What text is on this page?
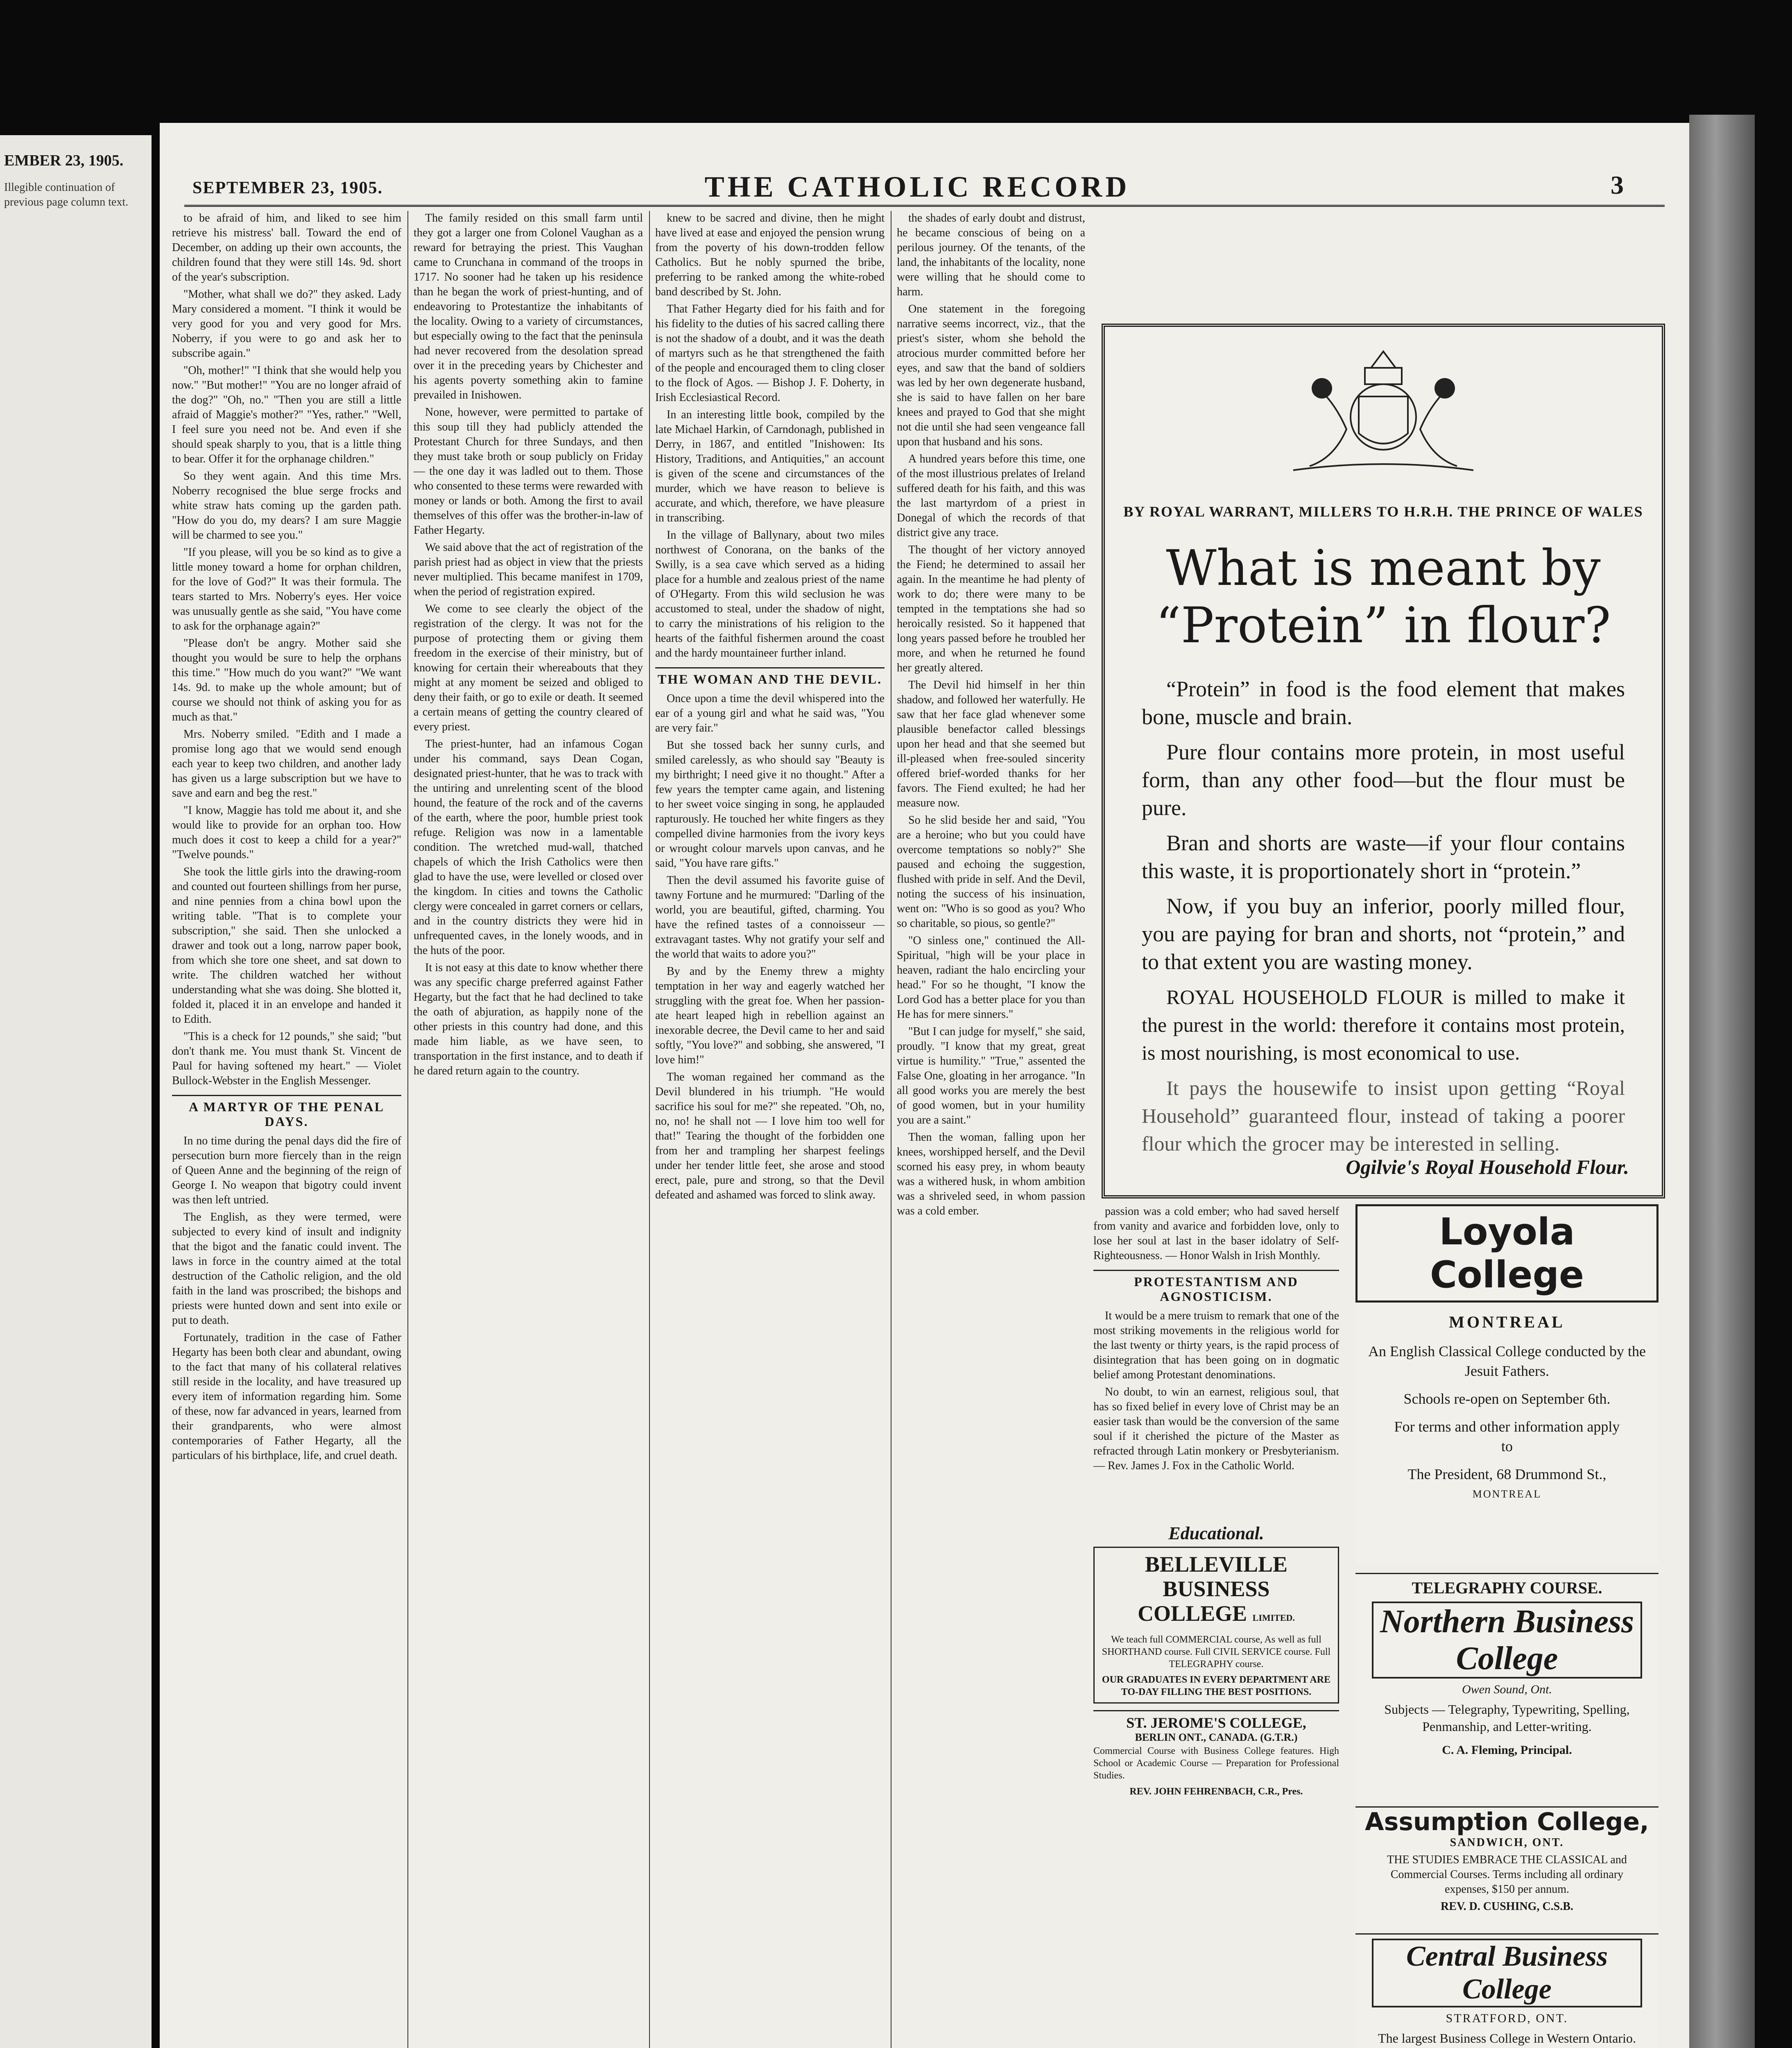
EMBER 23, 1905.
Illegible continuation of previous page column text.
SEPTEMBER 23, 1905.	THE CATHOLIC RECORD	3

to be afraid of him, and liked to see him retrieve his mistress' ball. Toward the end of December, on adding up their own accounts, the children found that they were still 14s. 9d. short of the year's subscription.

"Mother, what shall we do?" they asked. Lady Mary considered a moment. "I think it would be very good for you and very good for Mrs. Noberry, if you were to go and ask her to subscribe again."

"Oh, mother!" "I think that she would help you now." "But mother!" "You are no longer afraid of the dog?" "Oh, no." "Then you are still a little afraid of Maggie's mother?" "Yes, rather." "Well, I feel sure you need not be. And even if she should speak sharply to you, that is a little thing to bear. Offer it for the orphanage children."

So they went again. And this time Mrs. Noberry recognised the blue serge frocks and white straw hats coming up the garden path. "How do you do, my dears? I am sure Maggie will be charmed to see you."

"If you please, will you be so kind as to give a little money toward a home for orphan children, for the love of God?" It was their formula. The tears started to Mrs. Noberry's eyes. Her voice was unusually gentle as she said, "You have come to ask for the orphanage again?"

"Please don't be angry. Mother said she thought you would be sure to help the orphans this time." "How much do you want?" "We want 14s. 9d. to make up the whole amount; but of course we should not think of asking you for as much as that."

Mrs. Noberry smiled. "Edith and I made a promise long ago that we would send enough each year to keep two children, and another lady has given us a large subscription but we have to save and earn and beg the rest."

"I know, Maggie has told me about it, and she would like to provide for an orphan too. How much does it cost to keep a child for a year?" "Twelve pounds."

She took the little girls into the drawing-room and counted out fourteen shillings from her purse, and nine pennies from a china bowl upon the writing table. "That is to complete your subscription," she said. Then she unlocked a drawer and took out a long, narrow paper book, from which she tore one sheet, and sat down to write. The children watched her without understanding what she was doing. She blotted it, folded it, placed it in an envelope and handed it to Edith.

"This is a check for 12 pounds," she said; "but don't thank me. You must thank St. Vincent de Paul for having softened my heart." — Violet Bullock-Webster in the English Messenger.

A MARTYR OF THE PENAL DAYS.

In no time during the penal days did the fire of persecution burn more fiercely than in the reign of Queen Anne and the beginning of the reign of George I. No weapon that bigotry could invent was then left untried.

The English, as they were termed, were subjected to every kind of insult and indignity that the bigot and the fanatic could invent. The laws in force in the country aimed at the total destruction of the Catholic religion, and the old faith in the land was proscribed; the bishops and priests were hunted down and sent into exile or put to death.

Fortunately, tradition in the case of Father Hegarty has been both clear and abundant, owing to the fact that many of his collateral relatives still reside in the locality, and have treasured up every item of information regarding him. Some of these, now far advanced in years, learned from their grandparents, who were almost contemporaries of Father Hegarty, all the particulars of his birthplace, life, and cruel death.

The family resided on this small farm until they got a larger one from Colonel Vaughan as a reward for betraying the priest. This Vaughan came to Crunchana in command of the troops in 1717. No sooner had he taken up his residence than he began the work of priest-hunting, and of endeavoring to Protestantize the inhabitants of the locality. Owing to a variety of circumstances, but especially owing to the fact that the peninsula had never recovered from the desolation spread over it in the preceding years by Chichester and his agents poverty something akin to famine prevailed in Inishowen.

None, however, were permitted to partake of this soup till they had publicly attended the Protestant Church for three Sundays, and then they must take broth or soup publicly on Friday — the one day it was ladled out to them. Those who consented to these terms were rewarded with money or lands or both. Among the first to avail themselves of this offer was the brother-in-law of Father Hegarty.

We said above that the act of registration of the parish priest had as object in view that the priests never multiplied. This became manifest in 1709, when the period of registration expired.

We come to see clearly the object of the registration of the clergy. It was not for the purpose of protecting them or giving them freedom in the exercise of their ministry, but of knowing for certain their whereabouts that they might at any moment be seized and obliged to deny their faith, or go to exile or death. It seemed a certain means of getting the country cleared of every priest.

The priest-hunter, had an infamous Cogan under his command, says Dean Cogan, designated priest-hunter, that he was to track with the untiring and unrelenting scent of the blood hound, the feature of the rock and of the caverns of the earth, where the poor, humble priest took refuge. Religion was now in a lamentable condition. The wretched mud-wall, thatched chapels of which the Irish Catholics were then glad to have the use, were levelled or closed over the kingdom. In cities and towns the Catholic clergy were concealed in garret corners or cellars, and in the country districts they were hid in unfrequented caves, in the lonely woods, and in the huts of the poor.

It is not easy at this date to know whether there was any specific charge preferred against Father Hegarty, but the fact that he had declined to take the oath of abjuration, as happily none of the other priests in this country had done, and this made him liable, as we have seen, to transportation in the first instance, and to death if he dared return again to the country.

knew to be sacred and divine, then he might have lived at ease and enjoyed the pension wrung from the poverty of his down-trodden fellow Catholics. But he nobly spurned the bribe, preferring to be ranked among the white-robed band described by St. John.

That Father Hegarty died for his faith and for his fidelity to the duties of his sacred calling there is not the shadow of a doubt, and it was the death of martyrs such as he that strengthened the faith of the people and encouraged them to cling closer to the flock of Agos. — Bishop J. F. Doherty, in Irish Ecclesiastical Record.

In an interesting little book, compiled by the late Michael Harkin, of Carndonagh, published in Derry, in 1867, and entitled "Inishowen: Its History, Traditions, and Antiquities," an account is given of the scene and circumstances of the murder, which we have reason to believe is accurate, and which, therefore, we have pleasure in transcribing.

In the village of Ballynary, about two miles northwest of Conorana, on the banks of the Swilly, is a sea cave which served as a hiding place for a humble and zealous priest of the name of O'Hegarty. From this wild seclusion he was accustomed to steal, under the shadow of night, to carry the ministrations of his religion to the hearts of the faithful fishermen around the coast and the hardy mountaineer further inland.

THE WOMAN AND THE DEVIL.

Once upon a time the devil whispered into the ear of a young girl and what he said was, "You are very fair."

But she tossed back her sunny curls, and smiled carelessly, as who should say "Beauty is my birthright; I need give it no thought." After a few years the tempter came again, and listening to her sweet voice singing in song, he applauded rapturously. He touched her white fingers as they compelled divine harmonies from the ivory keys or wrought colour marvels upon canvas, and he said, "You have rare gifts."

Then the devil assumed his favorite guise of tawny Fortune and he murmured: "Darling of the world, you are beautiful, gifted, charming. You have the refined tastes of a connoisseur — extravagant tastes. Why not gratify your self and the world that waits to adore you?"

By and by the Enemy threw a mighty temptation in her way and eagerly watched her struggling with the great foe. When her passion-ate heart leaped high in rebellion against an inexorable decree, the Devil came to her and said softly, "You love?" and sobbing, she answered, "I love him!"

The woman regained her command as the Devil blundered in his triumph. "He would sacrifice his soul for me?" she repeated. "Oh, no, no, no! he shall not — I love him too well for that!" Tearing the thought of the forbidden one from her and trampling her sharpest feelings under her tender little feet, she arose and stood erect, pale, pure and strong, so that the Devil defeated and ashamed was forced to slink away.

the shades of early doubt and distrust, he became conscious of being on a perilous journey. Of the tenants, of the land, the inhabitants of the locality, none were willing that he should come to harm.

One statement in the foregoing narrative seems incorrect, viz., that the priest's sister, whom she behold the atrocious murder committed before her eyes, and saw that the band of soldiers was led by her own degenerate husband, she is said to have fallen on her bare knees and prayed to God that she might not die until she had seen vengeance fall upon that husband and his sons.

A hundred years before this time, one of the most illustrious prelates of Ireland suffered death for his faith, and this was the last martyrdom of a priest in Donegal of which the records of that district give any trace.

The thought of her victory annoyed the Fiend; he determined to assail her again. In the meantime he had plenty of work to do; there were many to be tempted in the temptations she had so heroically resisted. So it happened that long years passed before he troubled her more, and when he returned he found her greatly altered.

The Devil hid himself in her thin shadow, and followed her waterfully. He saw that her face glad whenever some plausible benefactor called blessings upon her head and that she seemed but ill-pleased when free-souled sincerity offered brief-worded thanks for her favors. The Fiend exulted; he had her measure now.

So he slid beside her and said, "You are a heroine; who but you could have overcome temptations so nobly?" She paused and echoing the suggestion, flushed with pride in self. And the Devil, noting the success of his insinuation, went on: "Who is so good as you? Who so charitable, so pious, so gentle?"

"O sinless one," continued the All-Spiritual, "high will be your place in heaven, radiant the halo encircling your head." For so he thought, "I know the Lord God has a better place for you than He has for mere sinners."

"But I can judge for myself," she said, proudly. "I know that my great, great virtue is humility." "True," assented the False One, gloating in her arrogance. "In all good works you are merely the best of good women, but in your humility you are a saint."

Then the woman, falling upon her knees, worshipped herself, and the Devil scorned his easy prey, in whom beauty was a withered husk, in whom ambition was a shriveled seed, in whom passion was a cold ember.

BY ROYAL WARRANT, MILLERS TO H.R.H. THE PRINCE OF WALES
What is meant by
“Protein” in flour?

“Protein” in food is the food element that makes bone, muscle and brain.

Pure flour contains more protein, in most useful form, than any other food—but the flour must be pure.

Bran and shorts are waste—if your flour contains this waste, it is proportionately short in “protein.”

Now, if you buy an inferior, poorly milled flour, you are paying for bran and shorts, not “protein,” and to that extent you are wasting money.

ROYAL HOUSEHOLD FLOUR is milled to make it the purest in the world: therefore it contains most protein, is most nourishing, is most economical to use.

It pays the housewife to insist upon getting “Royal Household” guaranteed flour, instead of taking a poorer flour which the grocer may be interested in selling.

Ogilvie's Royal Household Flour.

passion was a cold ember; who had saved herself from vanity and avarice and forbidden love, only to lose her soul at last in the baser idolatry of Self-Righteousness. — Honor Walsh in Irish Monthly.

PROTESTANTISM AND AGNOSTICISM.

It would be a mere truism to remark that one of the most striking movements in the religious world for the last twenty or thirty years, is the rapid process of disintegration that has been going on in dogmatic belief among Protestant denominations.

No doubt, to win an earnest, religious soul, that has so fixed belief in every love of Christ may be an easier task than would be the conversion of the same soul if it cherished the picture of the Master as refracted through Latin monkery or Presbyterianism. — Rev. James J. Fox in the Catholic World.

Educational.
BELLEVILLE
BUSINESS
COLLEGE LIMITED.
We teach full COMMERCIAL course, As well as full SHORTHAND course. Full CIVIL SERVICE course. Full TELEGRAPHY course.
OUR GRADUATES IN EVERY DEPARTMENT ARE TO-DAY FILLING THE BEST POSITIONS.
ST. JEROME'S COLLEGE,
BERLIN ONT., CANADA. (G.T.R.)
Commercial Course with Business College features. High School or Academic Course — Preparation for Professional Studies.
REV. JOHN FEHRENBACH, C.R., Pres.
Loyola College
MONTREAL
An English Classical College conducted by the Jesuit Fathers.
Schools re-open on September 6th.
For terms and other information apply to
The President, 68 Drummond St.,
MONTREAL
TELEGRAPHY COURSE.
Northern Business College
Owen Sound, Ont.
Subjects — Telegraphy, Typewriting, Spelling, Penmanship, and Letter-writing.
C. A. Fleming, Principal.
Assumption College,
SANDWICH, ONT.
THE STUDIES EMBRACE THE CLASSICAL and Commercial Courses. Terms including all ordinary expenses, $150 per annum.
REV. D. CUSHING, C.S.B.
Central Business College
STRATFORD, ONT.
The largest Business College in Western Ontario.
